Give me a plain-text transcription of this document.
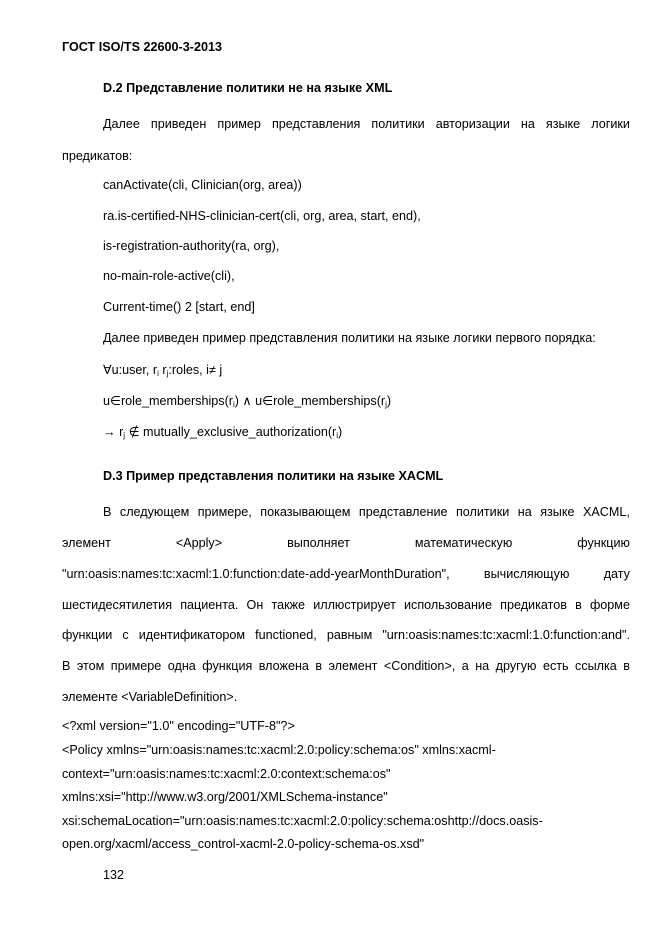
ГОСТ ISO/TS 22600-3-2013
D.2 Представление политики не на языке XML
Далее приведен пример представления политики авторизации на языке логики
предикатов:
canActivate(cli, Clinician(org, area))
ra.is-certified-NHS-clinician-cert(cli, org, area, start, end),
is-registration-authority(ra, org),
no-main-role-active(cli),
Current-time() 2 [start, end]
Далее приведен пример представления политики на языке логики первого порядка:
∀u:user, $r_i$ $r_j:roles$, i≠ j
$u\in role\_memberships(r_i)$ ∧ $u\in role\_memberships(r_j)$
→ $r_j$ ∉ $mutually\_exclusive\_authorization(r_i)$
D.3 Пример представления политики на языке XACML
В следующем примере, показывающем представление политики на языке XACML,
элемент	<Apply>	выполняет	математическую	функцию
"urn:oasis:names:tc:xacml:1.0:function:date-add-yearMonthDuration",	вычисляющую	дату
шестидесятилетия пациента. Он также иллюстрирует использование предикатов в форме
функции с идентификатором functioned, равным "urn:oasis:names:tc:xacml:1.0:function:and".
В этом примере одна функция вложена в элемент <Condition>, а на другую есть ссылка в
элементе <VariableDefinition>.
<?xml version="1.0" encoding="UTF-8"?>
<Policy xmlns="urn:oasis:names:tc:xacml:2.0:policy:schema:os" xmlns:xacml-
context="urn:oasis:names:tc:xacml:2.0:context:schema:os"
xmlns:xsi="http://www.w3.org/2001/XMLSchema-instance"
xsi:schemaLocation="urn:oasis:names:tc:xacml:2.0:policy:schema:oshttp://docs.oasis-
open.org/xacml/access_control-xacml-2.0-policy-schema-os.xsd"
132
